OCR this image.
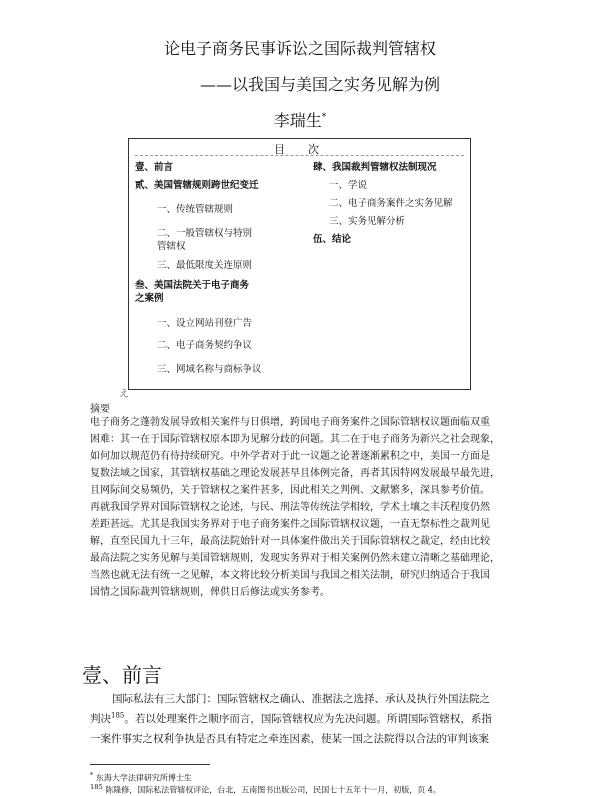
论电子商务民事诉讼之国际裁判管辖权
——以我国与美国之实务见解为例
李瑞生*
目　次
壹、前言
贰、美国管辖规则跨世纪变迁
一、传统管辖规则
二、一般管辖权与特别管辖权
三、最低限度关连原则
叁、美国法院关于电子商务之案例
一、设立网站刊登广告
二、电子商务契约争议
三、网域名称与商标争议
肆、我国裁判管辖权法制现况
一、学说
二、电子商务案件之实务见解
三、实务见解分析
伍、结论
え
摘要
电子商务之蓬勃发展导致相关案件与日俱增，跨国电子商务案件之国际管辖权议题面临双重
困难：其一在于国际管辖权原本即为见解分歧的问题。其二在于电子商务为新兴之社会现象，
如何加以规范仍有待持续研究。中外学者对于此一议题之论著逐渐累积之中，美国一方面是
复数法域之国家，其管辖权基础之理论发展甚早且体例完备，再者其因特网发展最早最先进，
且网际间交易频仍，关于管辖权之案件甚多，因此相关之判例、文献繁多，深具参考价值。
再就我国学界对国际管辖权之论述，与民、刑法等传统法学相较，学术土壤之丰沃程度仍然
差距甚远。尤其是我国实务界对于电子商务案件之国际管辖权议题，一直无祭标性之裁判见
解，直至民国九十三年，最高法院始针对一具体案件做出关于国际管辖权之裁定，经由比较
最高法院之实务见解与美国管辖规则，发现实务界对于相关案例仍然未建立清晰之基础理论，
当然也就无法有统一之见解，本文将比较分析美国与我国之相关法制，研究归纳适合于我国
国情之国际裁判管辖规则，俾供日后修法或实务参考。
壹、前言
国际私法有三大部门：国际管辖权之确认、准据法之选择、承认及执行外国法院之
判决$^{185}$。若以处理案件之顺序而言，国际管辖权应为先决问题。所谓国际管辖权，系指
一案件事实之权利争执是否具有特定之牵连因素，使某一国之法院得以合法的审判该案
* 东海大学法律研究所博士生
$^{185}$ 陈隆修，国际私法管辖权评论，台北，五南图书出版公司，民国七十五年十一月，初版，页 4。
